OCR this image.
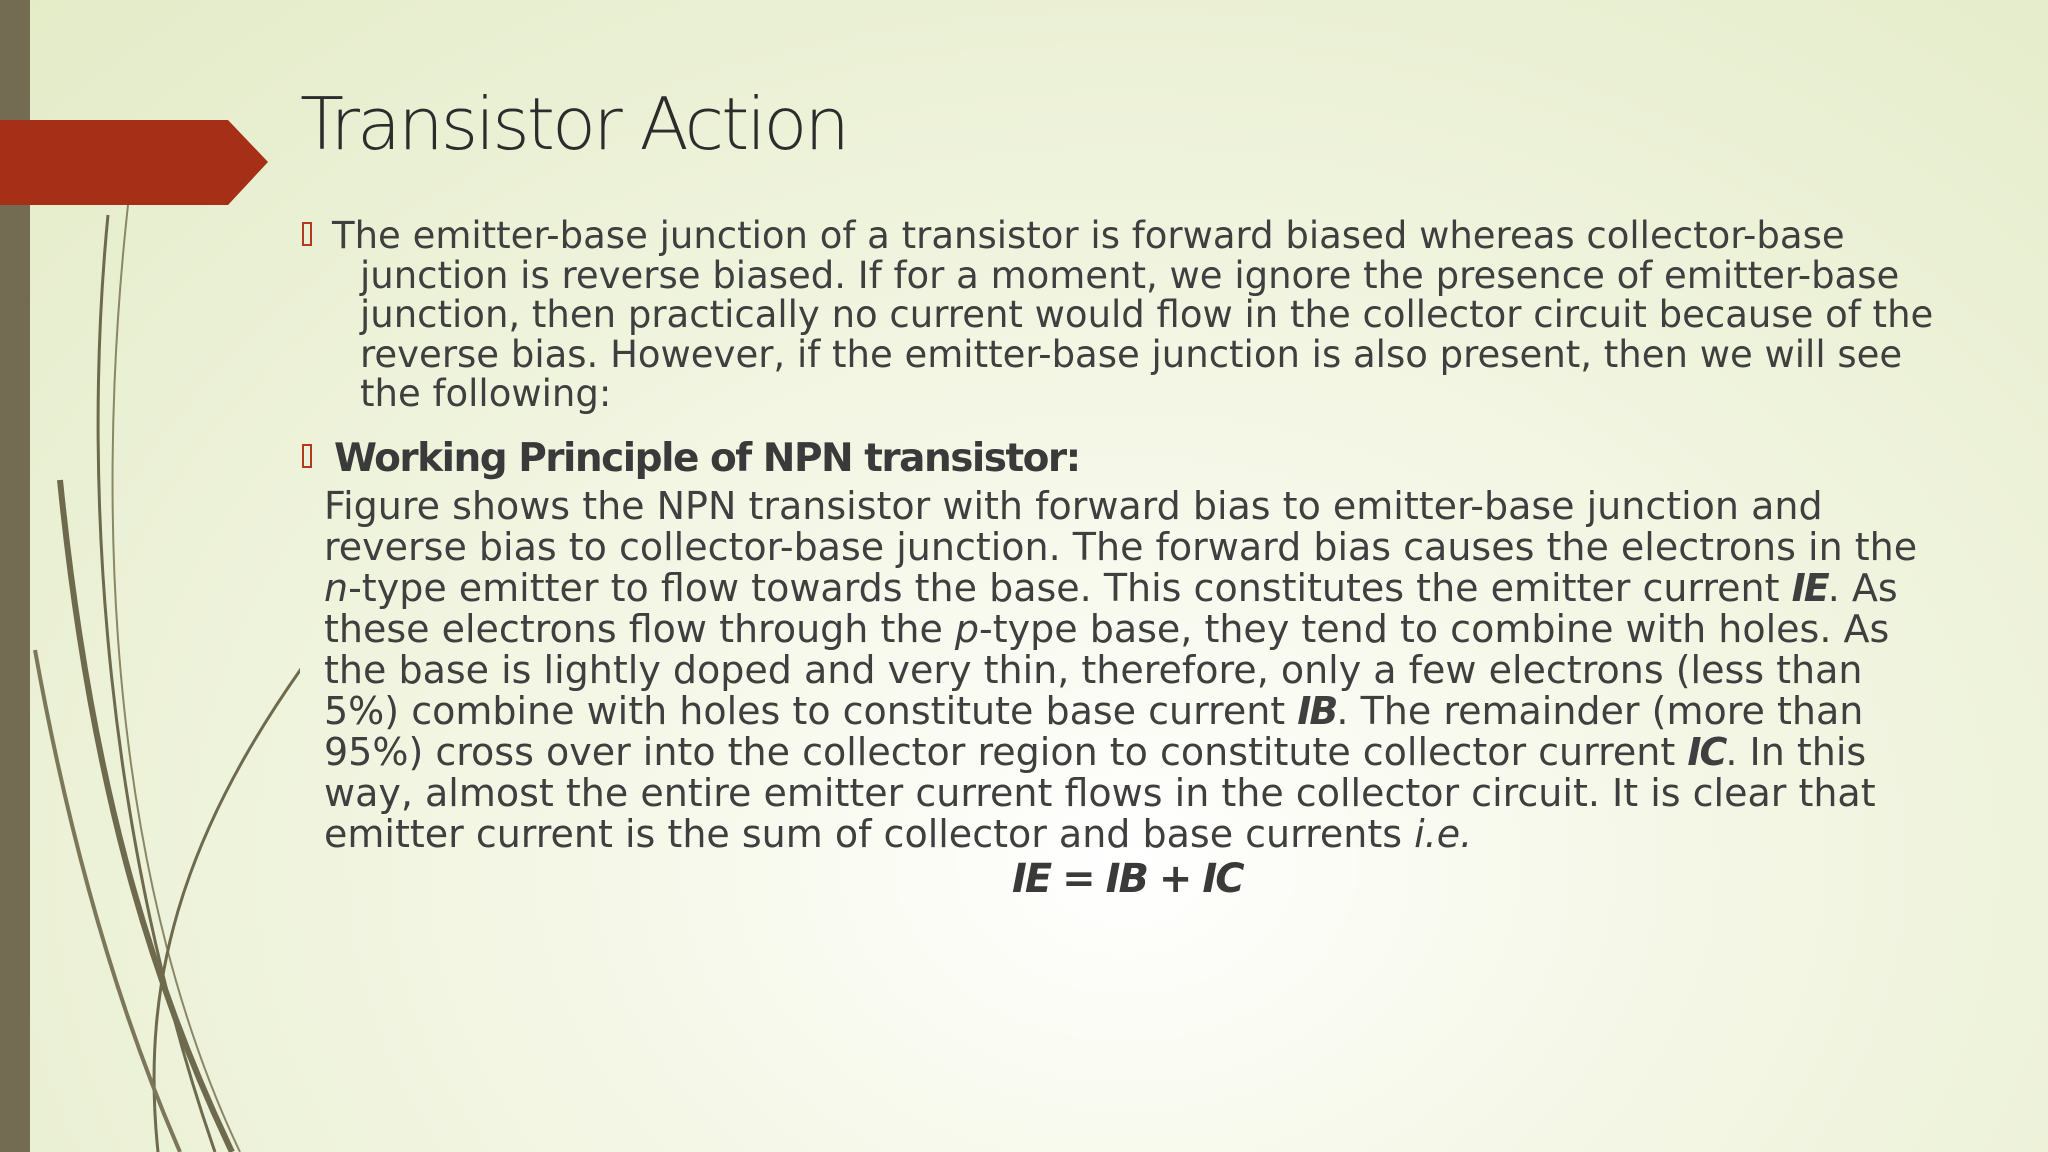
Transistor Action

The emitter-base junction of a transistor is forward biased whereas collector-base junction is reverse biased. If for a moment, we ignore the presence of emitter-base junction, then practically no current would flow in the collector circuit because of the reverse bias. However, if the emitter-base junction is also present, then we will see the following:

Working Principle of NPN transistor:

Figure shows the NPN transistor with forward bias to emitter-base junction and reverse bias to collector-base junction. The forward bias causes the electrons in the n-type emitter to flow towards the base. This constitutes the emitter current IE. As these electrons flow through the p-type base, they tend to combine with holes. As the base is lightly doped and very thin, therefore, only a few electrons (less than 5%) combine with holes to constitute base current IB. The remainder (more than 95%) cross over into the collector region to constitute collector current IC. In this way, almost the entire emitter current flows in the collector circuit. It is clear that emitter current is the sum of collector and base currents i.e.

IE = IB + IC
